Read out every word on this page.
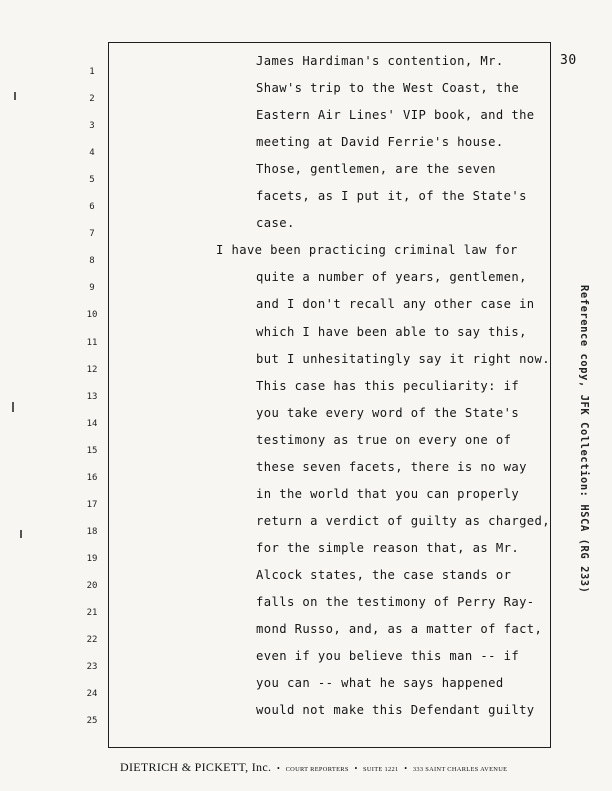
30
1
2
3
4
5
6
7
8
9
10
11
12
13
14
15
16
17
18
19
20
21
22
23
24
25
James Hardiman's contention, Mr.
Shaw's trip to the West Coast, the
Eastern Air Lines' VIP book, and the
meeting at David Ferrie's house.
Those, gentlemen, are the seven
facets, as I put it, of the State's
case.
I have been practicing criminal law for
quite a number of years, gentlemen,
and I don't recall any other case in
which I have been able to say this,
but I unhesitatingly say it right now.
This case has this peculiarity: if
you take every word of the State's
testimony as true on every one of
these seven facets, there is no way
in the world that you can properly
return a verdict of guilty as charged,
for the simple reason that, as Mr.
Alcock states, the case stands or
falls on the testimony of Perry Ray-
mond Russo, and, as a matter of fact,
even if you believe this man -- if
you can -- what he says happened
would not make this Defendant guilty
Reference copy, JFK Collection: HSCA (RG 233)
DIETRICH & PICKETT, Inc. • COURT REPORTERS • SUITE 1221 • 333 SAINT CHARLES AVENUE
